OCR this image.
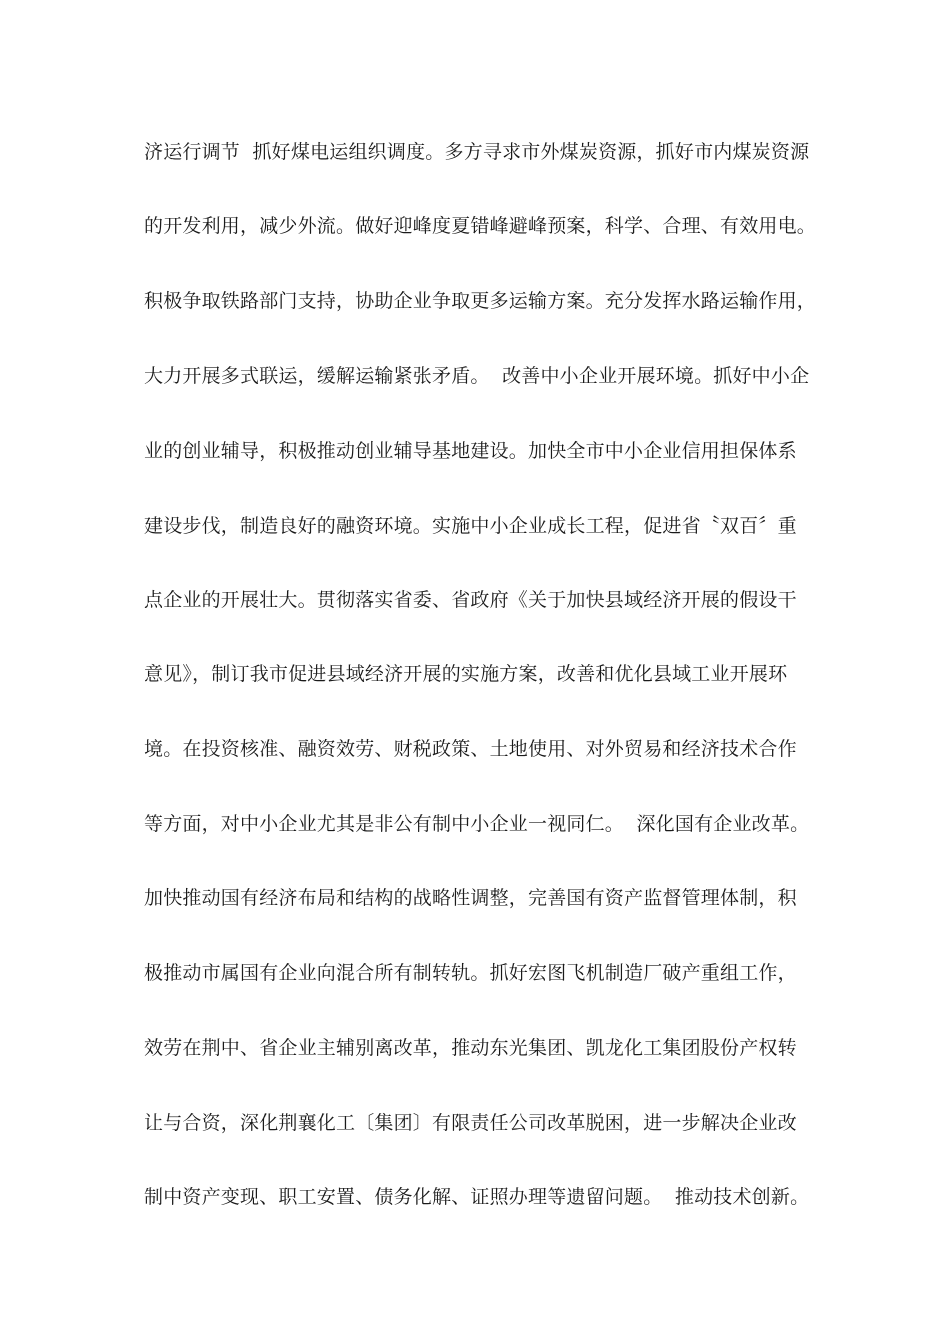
济运行调节  抓好煤电运组织调度。多方寻求市外煤炭资源，抓好市内煤炭资源
的开发利用，减少外流。做好迎峰度夏错峰避峰预案，科学、合理、有效用电。
积极争取铁路部门支持，协助企业争取更多运输方案。充分发挥水路运输作用，
大力开展多式联运，缓解运输紧张矛盾。  改善中小企业开展环境。抓好中小企
业的创业辅导，积极推动创业辅导基地建设。加快全市中小企业信用担保体系
建设步伐，制造良好的融资环境。实施中小企业成长工程，促进省〝双百〞重
点企业的开展壮大。贯彻落实省委、省政府《关于加快县域经济开展的假设干
意见》，制订我市促进县域经济开展的实施方案，改善和优化县域工业开展环
境。在投资核准、融资效劳、财税政策、土地使用、对外贸易和经济技术合作
等方面，对中小企业尤其是非公有制中小企业一视同仁。  深化国有企业改革。
加快推动国有经济布局和结构的战略性调整，完善国有资产监督管理体制，积
极推动市属国有企业向混合所有制转轨。抓好宏图飞机制造厂破产重组工作，
效劳在荆中、省企业主辅别离改革，推动东光集团、凯龙化工集团股份产权转
让与合资，深化荆襄化工〔集团〕有限责任公司改革脱困，进一步解决企业改
制中资产变现、职工安置、债务化解、证照办理等遗留问题。  推动技术创新。
